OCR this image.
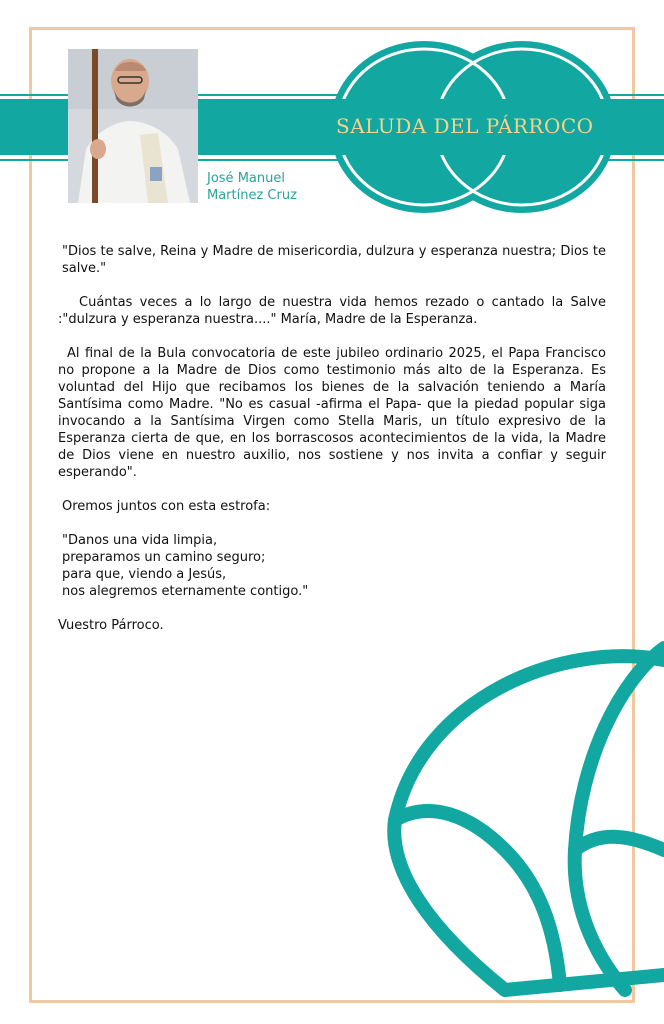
SALUDA DEL PÁRROCO
José Manuel
Martínez Cruz

"Dios te salve, Reina y Madre de misericordia, dulzura y esperanza nuestra; Dios te salve."

Cuántas veces a lo largo de nuestra vida hemos rezado o cantado la Salve :"dulzura y esperanza nuestra...." María, Madre de la Esperanza.

Al final de la Bula convocatoria de este jubileo ordinario 2025, el Papa Francisco no propone a la Madre de Dios como testimonio más alto de la Esperanza. Es voluntad del Hijo que recibamos los bienes de la salvación teniendo a María Santísima como Madre. "No es casual -afirma el Papa- que la piedad popular siga invocando a la Santísima Virgen como Stella Maris, un título expresivo de la Esperanza cierta de que, en los borrascosos acontecimientos de la vida, la Madre de Dios viene en nuestro auxilio, nos sostiene y nos invita a confiar y seguir esperando".

Oremos juntos con esta estrofa:

"Danos una vida limpia,
preparamos un camino seguro;
para que, viendo a Jesús,
nos alegremos eternamente contigo."

Vuestro Párroco.
